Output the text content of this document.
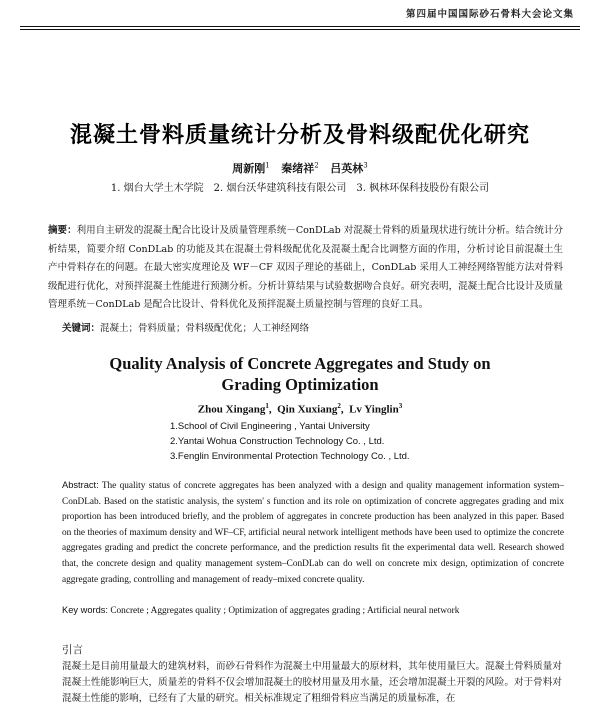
第四届中国国际砂石骨料大会论文集
混凝土骨料质量统计分析及骨料级配优化研究
周新刚$^1$ 秦绪祥$^2$ 吕英林$^3$
1. 烟台大学土木学院　2. 烟台沃华建筑科技有限公司　3. 枫林环保科技股份有限公司
摘要：利用自主研发的混凝土配合比设计及质量管理系统－ConDLab 对混凝土骨料的质量现状进行统计分析。结合统计分析结果，简要介绍 ConDLab 的功能及其在混凝土骨料级配优化及混凝土配合比调整方面的作用，分析讨论目前混凝土生产中骨料存在的问题。在最大密实度理论及 WF－CF 双因子理论的基础上，ConDLab 采用人工神经网络智能方法对骨料级配进行优化，对预拌混凝土性能进行预测分析。分析计算结果与试验数据吻合良好。研究表明，混凝土配合比设计及质量管理系统－ConDLab 是配合比设计、骨料优化及预拌混凝土质量控制与管理的良好工具。
关键词：混凝土；骨料质量；骨料级配优化；人工神经网络
Quality Analysis of Concrete Aggregates and Study on
Grading Optimization
Zhou Xingang$^1$,  Qin Xuxiang$^2$,  Lv Yinglin$^3$
1.School of Civil Engineering , Yantai University
2.Yantai Wohua Construction Technology Co. , Ltd.
3.Fenglin Environmental Protection Technology Co. , Ltd.
Abstract: The quality status of concrete aggregates has been analyzed with a design and quality management information system–ConDLab. Based on the statistic analysis, the system' s function and its role on optimization of concrete aggregates grading and mix proportion has been introduced briefly, and the problem of aggregates in concrete production has been analyzed in this paper. Based on the theories of maximum density and WF–CF, artificial neural network intelligent methods have been used to optimize the concrete aggregates grading and predict the concrete performance, and the prediction results fit the experimental data well. Research showed that, the concrete design and quality management system–ConDLab can do well on concrete mix design, optimization of concrete aggregate grading, controlling and management of ready–mixed concrete quality.
Key words: Concrete ; Aggregates quality ; Optimization of aggregates grading ; Artificial neural network
引言
混凝土是目前用量最大的建筑材料，而砂石骨料作为混凝土中用量最大的原材料，其年使用量巨大。混凝土骨料质量对混凝土性能影响巨大，质量差的骨料不仅会增加混凝土的胶材用量及用水量，还会增加混凝土开裂的风险。对于骨料对混凝土性能的影响，已经有了大量的研究。相关标准规定了粗细骨料应当满足的质量标准，在
